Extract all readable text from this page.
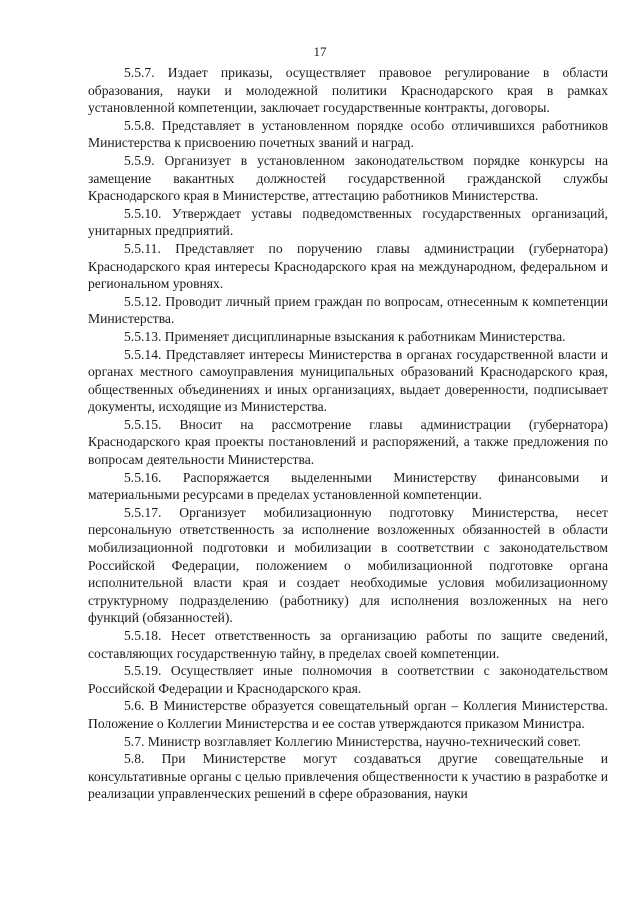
17

5.5.7. Издает приказы, осуществляет правовое регулирование в области образования, науки и молодежной политики Краснодарского края в рамках установленной компетенции, заключает государственные контракты, договоры.

5.5.8. Представляет в установленном порядке особо отличившихся работников Министерства к присвоению почетных званий и наград.

5.5.9. Организует в установленном законодательством порядке конкурсы на замещение вакантных должностей государственной гражданской службы Краснодарского края в Министерстве, аттестацию работников Министерства.

5.5.10. Утверждает уставы подведомственных государственных организаций, унитарных предприятий.

5.5.11. Представляет по поручению главы администрации (губернатора) Краснодарского края интересы Краснодарского края на международном, федеральном и региональном уровнях.

5.5.12. Проводит личный прием граждан по вопросам, отнесенным к компетенции Министерства.

5.5.13. Применяет дисциплинарные взыскания к работникам Министерства.

5.5.14. Представляет интересы Министерства в органах государственной власти и органах местного самоуправления муниципальных образований Краснодарского края, общественных объединениях и иных организациях, выдает доверенности, подписывает документы, исходящие из Министерства.

5.5.15. Вносит на рассмотрение главы администрации (губернатора) Краснодарского края проекты постановлений и распоряжений, а также предложения по вопросам деятельности Министерства.

5.5.16. Распоряжается выделенными Министерству финансовыми и материальными ресурсами в пределах установленной компетенции.

5.5.17. Организует мобилизационную подготовку Министерства, несет персональную ответственность за исполнение возложенных обязанностей в области мобилизационной подготовки и мобилизации в соответствии с законодательством Российской Федерации, положением о мобилизационной подготовке органа исполнительной власти края и создает необходимые условия мобилизационному структурному подразделению (работнику) для исполнения возложенных на него функций (обязанностей).

5.5.18. Несет ответственность за организацию работы по защите сведений, составляющих государственную тайну, в пределах своей компетенции.

5.5.19. Осуществляет иные полномочия в соответствии с законодательством Российской Федерации и Краснодарского края.

5.6. В Министерстве образуется совещательный орган – Коллегия Министерства. Положение о Коллегии Министерства и ее состав утверждаются приказом Министра.

5.7. Министр возглавляет Коллегию Министерства, научно-технический совет.

5.8. При Министерстве могут создаваться другие совещательные и консультативные органы с целью привлечения общественности к участию в разработке и реализации управленческих решений в сфере образования, науки
